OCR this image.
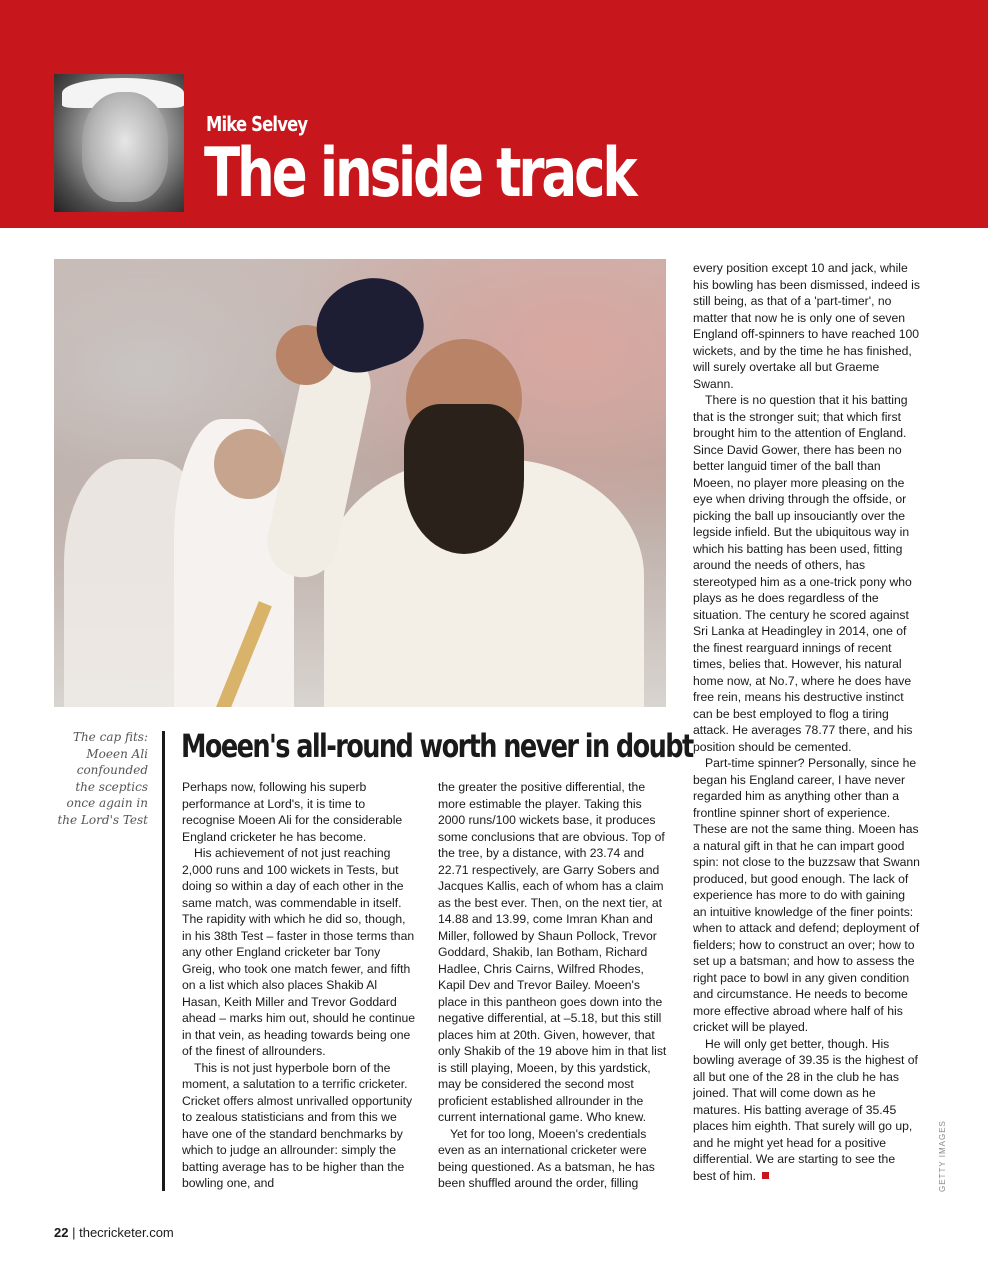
Mike Selvey
The inside track
The cap fits: Moeen Ali confounded the sceptics once again in the Lord's Test
Moeen's all-round worth never in doubt

Perhaps now, following his superb performance at Lord's, it is time to recognise Moeen Ali for the considerable England cricketer he has become.

His achievement of not just reaching 2,000 runs and 100 wickets in Tests, but doing so within a day of each other in the same match, was commendable in itself. The rapidity with which he did so, though, in his 38th Test – faster in those terms than any other England cricketer bar Tony Greig, who took one match fewer, and fifth on a list which also places Shakib Al Hasan, Keith Miller and Trevor Goddard ahead – marks him out, should he continue in that vein, as heading towards being one of the finest of allrounders.

This is not just hyperbole born of the moment, a salutation to a terrific cricketer. Cricket offers almost unrivalled opportunity to zealous statisticians and from this we have one of the standard benchmarks by which to judge an allrounder: simply the batting average has to be higher than the bowling one, and

the greater the positive differential, the more estimable the player. Taking this 2000 runs/100 wickets base, it produces some conclusions that are obvious. Top of the tree, by a distance, with 23.74 and 22.71 respectively, are Garry Sobers and Jacques Kallis, each of whom has a claim as the best ever. Then, on the next tier, at 14.88 and 13.99, come Imran Khan and Miller, followed by Shaun Pollock, Trevor Goddard, Shakib, Ian Botham, Richard Hadlee, Chris Cairns, Wilfred Rhodes, Kapil Dev and Trevor Bailey. Moeen's place in this pantheon goes down into the negative differential, at –5.18, but this still places him at 20th. Given, however, that only Shakib of the 19 above him in that list is still playing, Moeen, by this yardstick, may be considered the second most proficient established allrounder in the current international game. Who knew.

Yet for too long, Moeen's credentials even as an international cricketer were being questioned. As a batsman, he has been shuffled around the order, filling

every position except 10 and jack, while his bowling has been dismissed, indeed is still being, as that of a 'part-timer', no matter that now he is only one of seven England off-spinners to have reached 100 wickets, and by the time he has finished, will surely overtake all but Graeme Swann.

There is no question that it his batting that is the stronger suit; that which first brought him to the attention of England. Since David Gower, there has been no better languid timer of the ball than Moeen, no player more pleasing on the eye when driving through the offside, or picking the ball up insouciantly over the legside infield. But the ubiquitous way in which his batting has been used, fitting around the needs of others, has stereotyped him as a one-trick pony who plays as he does regardless of the situation. The century he scored against Sri Lanka at Headingley in 2014, one of the finest rearguard innings of recent times, belies that. However, his natural home now, at No.7, where he does have free rein, means his destructive instinct can be best employed to flog a tiring attack. He averages 78.77 there, and his position should be cemented.

Part-time spinner? Personally, since he began his England career, I have never regarded him as anything other than a frontline spinner short of experience. These are not the same thing. Moeen has a natural gift in that he can impart good spin: not close to the buzzsaw that Swann produced, but good enough. The lack of experience has more to do with gaining an intuitive knowledge of the finer points: when to attack and defend; deployment of fielders; how to construct an over; how to set up a batsman; and how to assess the right pace to bowl in any given condition and circumstance. He needs to become more effective abroad where half of his cricket will be played.

He will only get better, though. His bowling average of 39.35 is the highest of all but one of the 28 in the club he has joined. That will come down as he matures. His batting average of 35.45 places him eighth. That surely will go up, and he might yet head for a positive differential. We are starting to see the best of him.	GETTY IMAGES
22 | thecricketer.com
